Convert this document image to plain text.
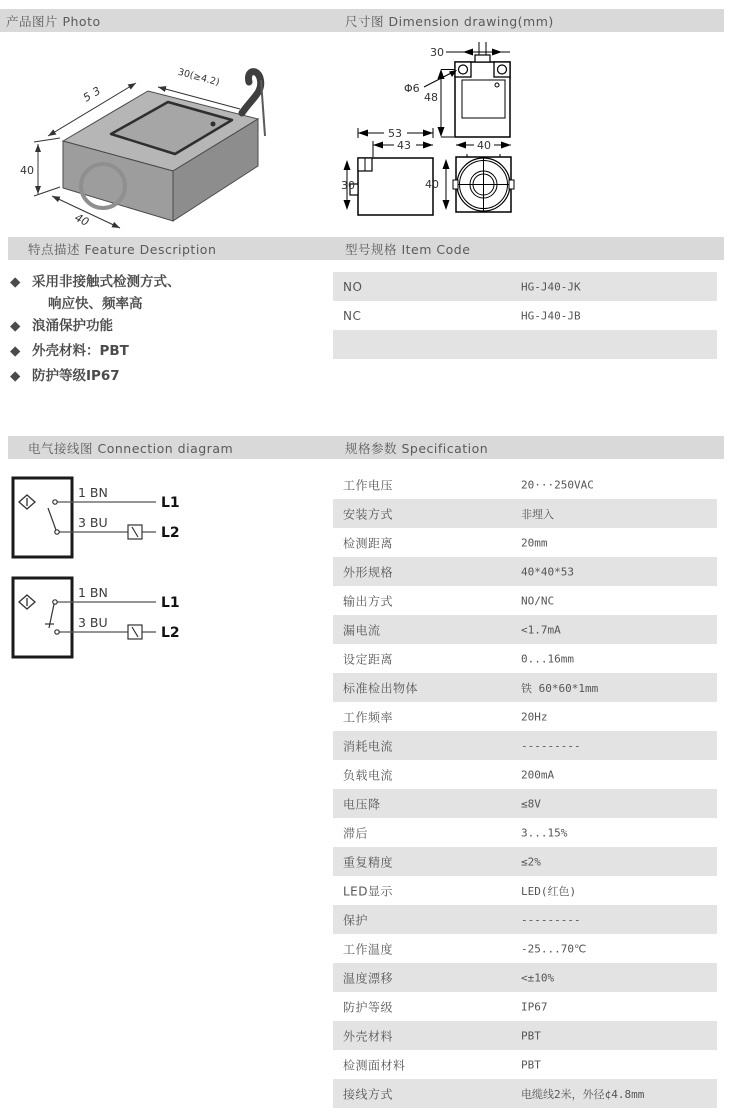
产品图片 Photo	尺寸图 Dimension drawing(mm)
53
30(≥4.2)
40
40
30
Φ6
48
53
43
30
40
40
特点描述 Feature Description	型号规格 Item Code
◆ 采用非接触式检测方式、
响应快、频率高
◆ 浪涌保护功能
◆ 外壳材料：PBT
◆ 防护等级IP67
NO	HG-J40-JK
NC	HG-J40-JB
电气接线图 Connection diagram	规格参数 Specification
1 BN
3 BU
L1
L2
1 BN
3 BU
L1
L2
工作电压	20···250VAC
安装方式	非埋入
检测距离	20mm
外形规格	40*40*53
输出方式	NO/NC
漏电流	<1.7mA
设定距离	0...16mm
标准检出物体	铁 60*60*1mm
工作频率	20Hz
消耗电流	---------
负载电流	200mA
电压降	≤8V
滞后	3...15%
重复精度	≤2%
LED显示	LED(红色)
保护	---------
工作温度	-25...70℃
温度漂移	<±10%
防护等级	IP67
外壳材料	PBT
检测面材料	PBT
接线方式	电缆线2米，外径¢4.8mm
